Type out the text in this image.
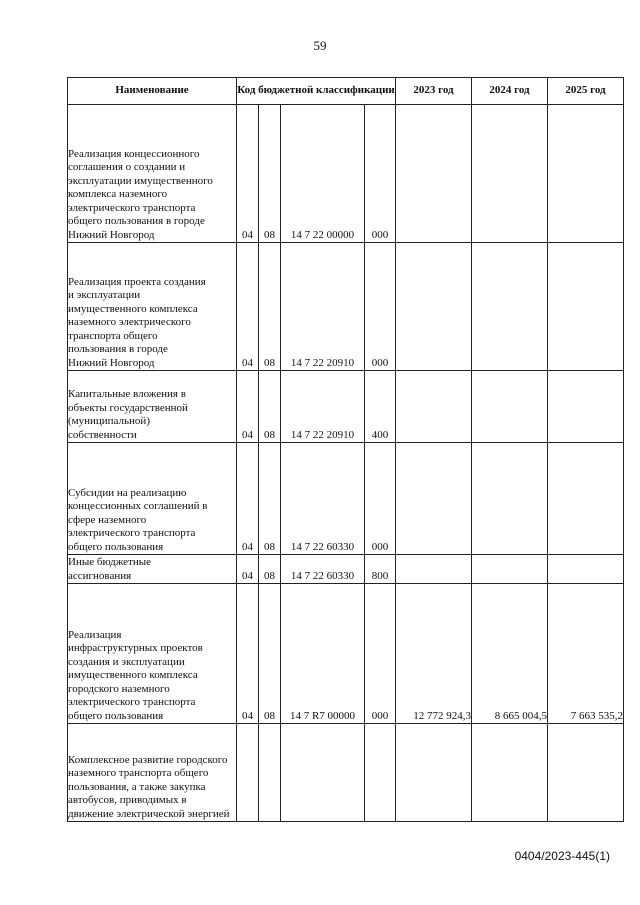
59
Наименование	Код бюджетной классификации				2023 год	2024 год	2025 год
Реализация концессионного соглашения о создании и эксплуатации имущественного комплекса наземного электрического транспорта общего пользования в городе Нижний Новгород	04	08	14 7 22 00000	000			
Реализация проекта создания и эксплуатации имущественного комплекса наземного электрического транспорта общего пользования в городе Нижний Новгород	04	08	14 7 22 20910	000			
Капитальные вложения в объекты государственной (муниципальной) собственности	04	08	14 7 22 20910	400			
Субсидии на реализацию концессионных соглашений в сфере наземного электрического транспорта общего пользования	04	08	14 7 22 60330	000			
Иные бюджетные ассигнования	04	08	14 7 22 60330	800			
Реализация инфраструктурных проектов создания и эксплуатации имущественного комплекса городского наземного электрического транспорта общего пользования	04	08	14 7 R7 00000	000	12 772 924,3	8 665 004,5	7 663 535,2
Комплексное развитие городского наземного транспорта общего пользования, а также закупка автобусов, приводимых в движение электрической энергией							
0404/2023-445(1)
